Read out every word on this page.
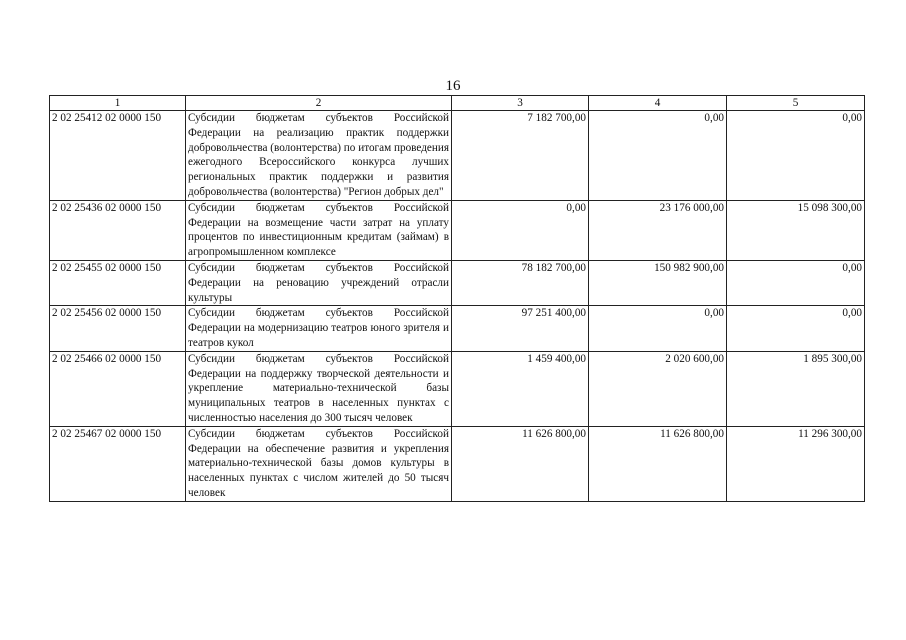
16
1	2	3	4	5
2 02 25412 02 0000 150	Субсидии бюджетам субъектов Российской Федерации на реализацию практик поддержки добровольчества (волонтерства) по итогам проведения ежегодного Всероссийского конкурса лучших региональных практик поддержки и развития добровольчества (волонтерства) "Регион добрых дел"	7 182 700,00	0,00	0,00
2 02 25436 02 0000 150	Субсидии бюджетам субъектов Российской Федерации на возмещение части затрат на уплату процентов по инвестиционным кредитам (займам) в агропромышленном комплексе	0,00	23 176 000,00	15 098 300,00
2 02 25455 02 0000 150	Субсидии бюджетам субъектов Российской Федерации на реновацию учреждений отрасли культуры	78 182 700,00	150 982 900,00	0,00
2 02 25456 02 0000 150	Субсидии бюджетам субъектов Российской Федерации на модернизацию театров юного зрителя и театров кукол	97 251 400,00	0,00	0,00
2 02 25466 02 0000 150	Субсидии бюджетам субъектов Российской Федерации на поддержку творческой деятельности и укрепление материально-технической базы муниципальных театров в населенных пунктах с численностью населения до 300 тысяч человек	1 459 400,00	2 020 600,00	1 895 300,00
2 02 25467 02 0000 150	Субсидии бюджетам субъектов Российской Федерации на обеспечение развития и укрепления материально-технической базы домов культуры в населенных пунктах с числом жителей до 50 тысяч человек	11 626 800,00	11 626 800,00	11 296 300,00
